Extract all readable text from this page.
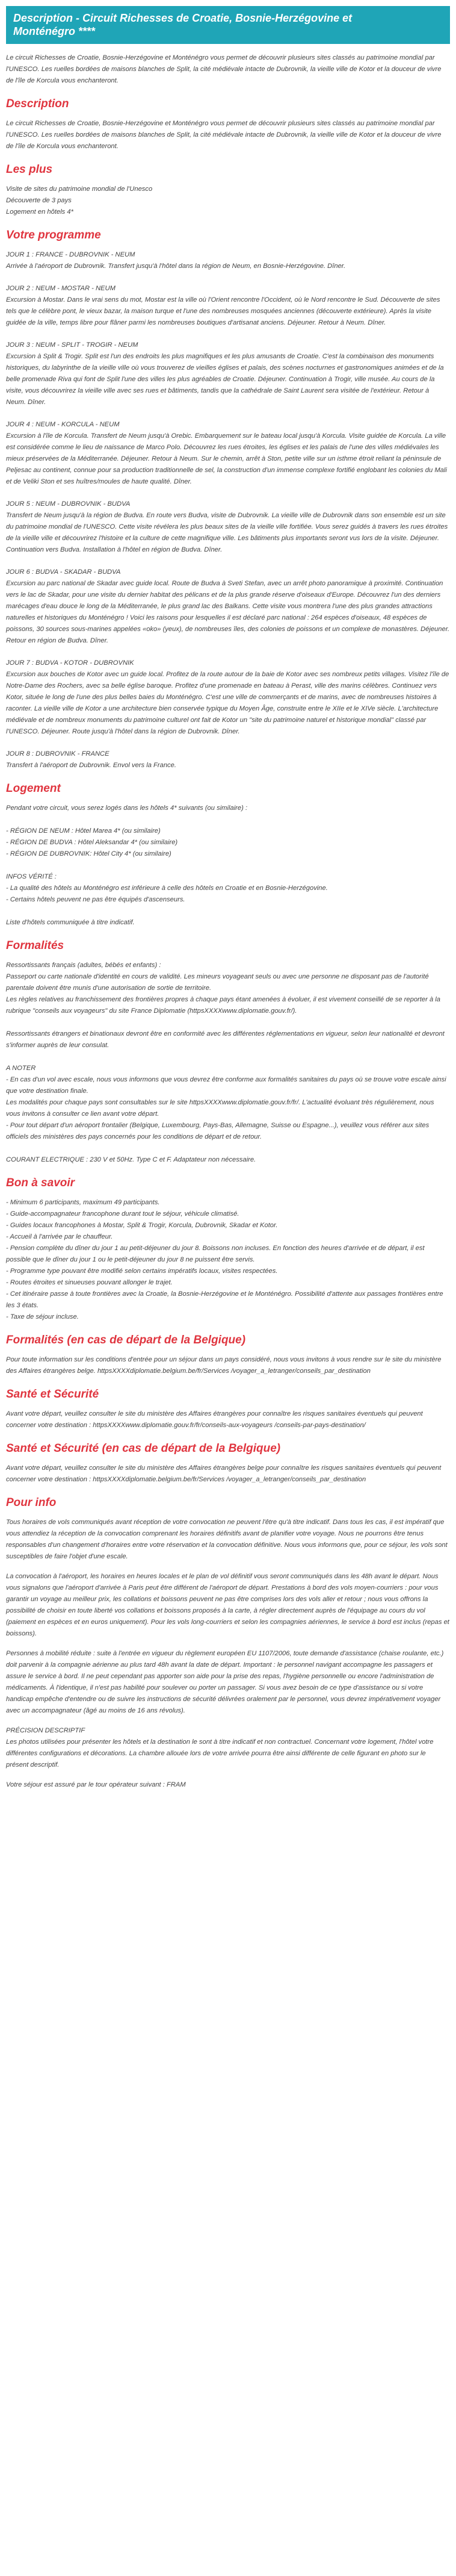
Description - Circuit Richesses de Croatie, Bosnie-Herzégovine et
Monténégro ****

Le circuit Richesses de Croatie, Bosnie-Herzégovine et Monténégro vous permet de découvrir plusieurs sites classés au patrimoine mondial par l'UNESCO. Les ruelles bordées de maisons blanches de Split, la cité médiévale intacte de Dubrovnik, la vieille ville de Kotor et la douceur de vivre de l'île de Korcula vous enchanteront.

Description

Le circuit Richesses de Croatie, Bosnie-Herzégovine et Monténégro vous permet de découvrir plusieurs sites classés au patrimoine mondial par l'UNESCO. Les ruelles bordées de maisons blanches de Split, la cité médiévale intacte de Dubrovnik, la vieille ville de Kotor et la douceur de vivre de l'île de Korcula vous enchanteront.

Les plus

Visite de sites du patrimoine mondial de l'Unesco
Découverte de 3 pays
Logement en hôtels 4*

Votre programme
JOUR 1 : FRANCE - DUBROVNIK - NEUM
Arrivée à l'aéroport de Dubrovnik. Transfert jusqu'à l'hôtel dans la région de Neum, en Bosnie-Herzégovine. Dîner.
JOUR 2 : NEUM - MOSTAR - NEUM
Excursion à Mostar. Dans le vrai sens du mot, Mostar est la ville où l'Orient rencontre l'Occident, où le Nord rencontre le Sud. Découverte de sites tels que le célèbre pont, le vieux bazar, la maison turque et l'une des nombreuses mosquées anciennes (découverte extérieure). Après la visite guidée de la ville, temps libre pour flâner parmi les nombreuses boutiques d'artisanat anciens. Déjeuner. Retour à Neum. Dîner.
JOUR 3 : NEUM - SPLIT - TROGIR - NEUM
Excursion à Split & Trogir. Split est l'un des endroits les plus magnifiques et les plus amusants de Croatie. C'est la combinaison des monuments historiques, du labyrinthe de la vieille ville où vous trouverez de vieilles églises et palais, des scènes nocturnes et gastronomiques animées et de la belle promenade Riva qui font de Split l'une des villes les plus agréables de Croatie. Déjeuner. Continuation à Trogir, ville musée. Au cours de la visite, vous découvrirez la vieille ville avec ses rues et bâtiments, tandis que la cathédrale de Saint Laurent sera visitée de l'extérieur. Retour à Neum. Dîner.
JOUR 4 : NEUM - KORCULA - NEUM
Excursion à l'île de Korcula. Transfert de Neum jusqu'à Orebic. Embarquement sur le bateau local jusqu'à Korcula. Visite guidée de Korcula. La ville est considérée comme le lieu de naissance de Marco Polo. Découvrez les rues étroites, les églises et les palais de l'une des villes médiévales les mieux préservées de la Méditerranée. Déjeuner. Retour à Neum. Sur le chemin, arrêt à Ston, petite ville sur un isthme étroit reliant la péninsule de Peljesac au continent, connue pour sa production traditionnelle de sel, la construction d'un immense complexe fortifié englobant les colonies du Mali et de Veliki Ston et ses huîtres/moules de haute qualité. Dîner.
JOUR 5 : NEUM - DUBROVNIK - BUDVA
Transfert de Neum jusqu'à la région de Budva. En route vers Budva, visite de Dubrovnik. La vieille ville de Dubrovnik dans son ensemble est un site du patrimoine mondial de l'UNESCO. Cette visite révélera les plus beaux sites de la vieille ville fortifiée. Vous serez guidés à travers les rues étroites de la vieille ville et découvrirez l'histoire et la culture de cette magnifique ville. Les bâtiments plus importants seront vus lors de la visite. Déjeuner. Continuation vers Budva. Installation à l'hôtel en région de Budva. Dîner.
JOUR 6 : BUDVA - SKADAR - BUDVA
Excursion au parc national de Skadar avec guide local. Route de Budva à Sveti Stefan, avec un arrêt photo panoramique à proximité. Continuation vers le lac de Skadar, pour une visite du dernier habitat des pélicans et de la plus grande réserve d'oiseaux d'Europe. Découvrez l'un des derniers marécages d'eau douce le long de la Méditerranée, le plus grand lac des Balkans. Cette visite vous montrera l'une des plus grandes attractions naturelles et historiques du Monténégro ! Voici les raisons pour lesquelles il est déclaré parc national : 264 espèces d'oiseaux, 48 espèces de poissons, 30 sources sous-marines appelées «oko» (yeux), de nombreuses îles, des colonies de poissons et un complexe de monastères. Déjeuner. Retour en région de Budva. Dîner.
JOUR 7 : BUDVA - KOTOR - DUBROVNIK
Excursion aux bouches de Kotor avec un guide local. Profitez de la route autour de la baie de Kotor avec ses nombreux petits villages. Visitez l'île de Notre-Dame des Rochers, avec sa belle église baroque. Profitez d'une promenade en bateau à Perast, ville des marins célèbres. Continuez vers Kotor, située le long de l'une des plus belles baies du Monténégro. C'est une ville de commerçants et de marins, avec de nombreuses histoires à raconter. La vieille ville de Kotor a une architecture bien conservée typique du Moyen Âge, construite entre le XIIe et le XIVe siècle. L'architecture médiévale et de nombreux monuments du patrimoine culturel ont fait de Kotor un "site du patrimoine naturel et historique mondial" classé par l'UNESCO. Déjeuner. Route jusqu'à l'hôtel dans la région de Dubrovnik. Dîner.
JOUR 8 : DUBROVNIK - FRANCE
Transfert à l'aéroport de Dubrovnik. Envol vers la France.
Logement

Pendant votre circuit, vous serez logés dans les hôtels 4* suivants (ou similaire) :
- RÉGION DE NEUM : Hôtel Marea 4* (ou similaire)
- RÉGION DE BUDVA : Hôtel Aleksandar 4* (ou similaire)
- RÉGION DE DUBROVNIK: Hôtel City 4* (ou similaire)
INFOS VÉRITÉ :
- La qualité des hôtels au Monténégro est inférieure à celle des hôtels en Croatie et en Bosnie-Herzégovine.
- Certains hôtels peuvent ne pas être équipés d'ascenseurs.
Liste d'hôtels communiquée à titre indicatif.

Formalités

Ressortissants français (adultes, bébés et enfants) :
Passeport ou carte nationale d'identité en cours de validité. Les mineurs voyageant seuls ou avec une personne ne disposant pas de l'autorité parentale doivent être munis d'une autorisation de sortie de territoire.
Les règles relatives au franchissement des frontières propres à chaque pays étant amenées à évoluer, il est vivement conseillé de se reporter à la rubrique "conseils aux voyageurs" du site France Diplomatie (httpsXXXXwww.diplomatie.gouv.fr/).
Ressortissants étrangers et binationaux devront être en conformité avec les différentes réglementations en vigueur, selon leur nationalité et devront s'informer auprès de leur consulat.
A NOTER
- En cas d'un vol avec escale, nous vous informons que vous devrez être conforme aux formalités sanitaires du pays où se trouve votre escale ainsi que votre destination finale.
Les modalités pour chaque pays sont consultables sur le site httpsXXXXwww.diplomatie.gouv.fr/fr/. L'actualité évoluant très régulièrement, nous vous invitons à consulter ce lien avant votre départ.
- Pour tout départ d'un aéroport frontalier (Belgique, Luxembourg, Pays-Bas, Allemagne, Suisse ou Espagne...), veuillez vous référer aux sites officiels des ministères des pays concernés pour les conditions de départ et de retour.
COURANT ELECTRIQUE : 230 V et 50Hz. Type C et F. Adaptateur non nécessaire.

Bon à savoir

- Minimum 6 participants, maximum 49 participants.
- Guide-accompagnateur francophone durant tout le séjour, véhicule climatisé.
- Guides locaux francophones à Mostar, Split & Trogir, Korcula, Dubrovnik, Skadar et Kotor.
- Accueil à l'arrivée par le chauffeur.
- Pension complète du dîner du jour 1 au petit-déjeuner du jour 8. Boissons non incluses. En fonction des heures d'arrivée et de départ, il est possible que le dîner du jour 1 ou le petit-déjeuner du jour 8 ne puissent être servis.
- Programme type pouvant être modifié selon certains impératifs locaux, visites respectées.
- Routes étroites et sinueuses pouvant allonger le trajet.
- Cet itinéraire passe à toute frontières avec la Croatie, la Bosnie-Herzégovine et le Monténégro. Possibilité d'attente aux passages frontières entre
les 3 états.
- Taxe de séjour incluse.

Formalités (en cas de départ de la Belgique)

Pour toute information sur les conditions d'entrée pour un séjour dans un pays considéré, nous vous invitons à vous rendre sur le site du ministère des Affaires étrangères belge. httpsXXXXdiplomatie.belgium.be/fr/Services /voyager_a_letranger/conseils_par_destination

Santé et Sécurité

Avant votre départ, veuillez consulter le site du ministère des Affaires étrangères pour connaître les risques sanitaires éventuels qui peuvent concerner votre destination : httpsXXXXwww.diplomatie.gouv.fr/fr/conseils-aux-voyageurs /conseils-par-pays-destination/

Santé et Sécurité (en cas de départ de la Belgique)

Avant votre départ, veuillez consulter le site du ministère des Affaires étrangères belge pour connaître les risques sanitaires éventuels qui peuvent concerner votre destination : httpsXXXXdiplomatie.belgium.be/fr/Services /voyager_a_letranger/conseils_par_destination

Pour info

Tous horaires de vols communiqués avant réception de votre convocation ne peuvent l'être qu'à titre indicatif. Dans tous les cas, il est impératif que vous attendiez la réception de la convocation comprenant les horaires définitifs avant de planifier votre voyage. Nous ne pourrons être tenus responsables d'un changement d'horaires entre votre réservation et la convocation définitive. Nous vous informons que, pour ce séjour, les vols sont susceptibles de faire l'objet d'une escale.

La convocation à l'aéroport, les horaires en heures locales et le plan de vol définitif vous seront communiqués dans les 48h avant le départ. Nous vous signalons que l'aéroport d'arrivée à Paris peut être différent de l'aéroport de départ. Prestations à bord des vols moyen-courriers : pour vous garantir un voyage au meilleur prix, les collations et boissons peuvent ne pas être comprises lors des vols aller et retour ; nous vous offrons la possibilité de choisir en toute liberté vos collations et boissons proposés à la carte, à régler directement auprès de l'équipage au cours du vol (paiement en espèces et en euros uniquement). Pour les vols long-courriers et selon les compagnies aériennes, le service à bord est inclus (repas et boissons).

Personnes à mobilité réduite : suite à l'entrée en vigueur du règlement européen EU 1107/2006, toute demande d'assistance (chaise roulante, etc.) doit parvenir à la compagnie aérienne au plus tard 48h avant la date de départ. Important : le personnel navigant accompagne les passagers et assure le service à bord. Il ne peut cependant pas apporter son aide pour la prise des repas, l'hygiène personnelle ou encore l'administration de médicaments. À l'identique, il n'est pas habilité pour soulever ou porter un passager. Si vous avez besoin de ce type d'assistance ou si votre handicap empêche d'entendre ou de suivre les instructions de sécurité délivrées oralement par le personnel, vous devrez impérativement voyager avec un accompagnateur (âgé au moins de 16 ans révolus).

PRÉCISION DESCRIPTIF
Les photos utilisées pour présenter les hôtels et la destination le sont à titre indicatif et non contractuel. Concernant votre logement, l'hôtel votre différentes configurations et décorations. La chambre allouée lors de votre arrivée pourra être ainsi différente de celle figurant en photo sur le présent descriptif.

Votre séjour est assuré par le tour opérateur suivant : FRAM
